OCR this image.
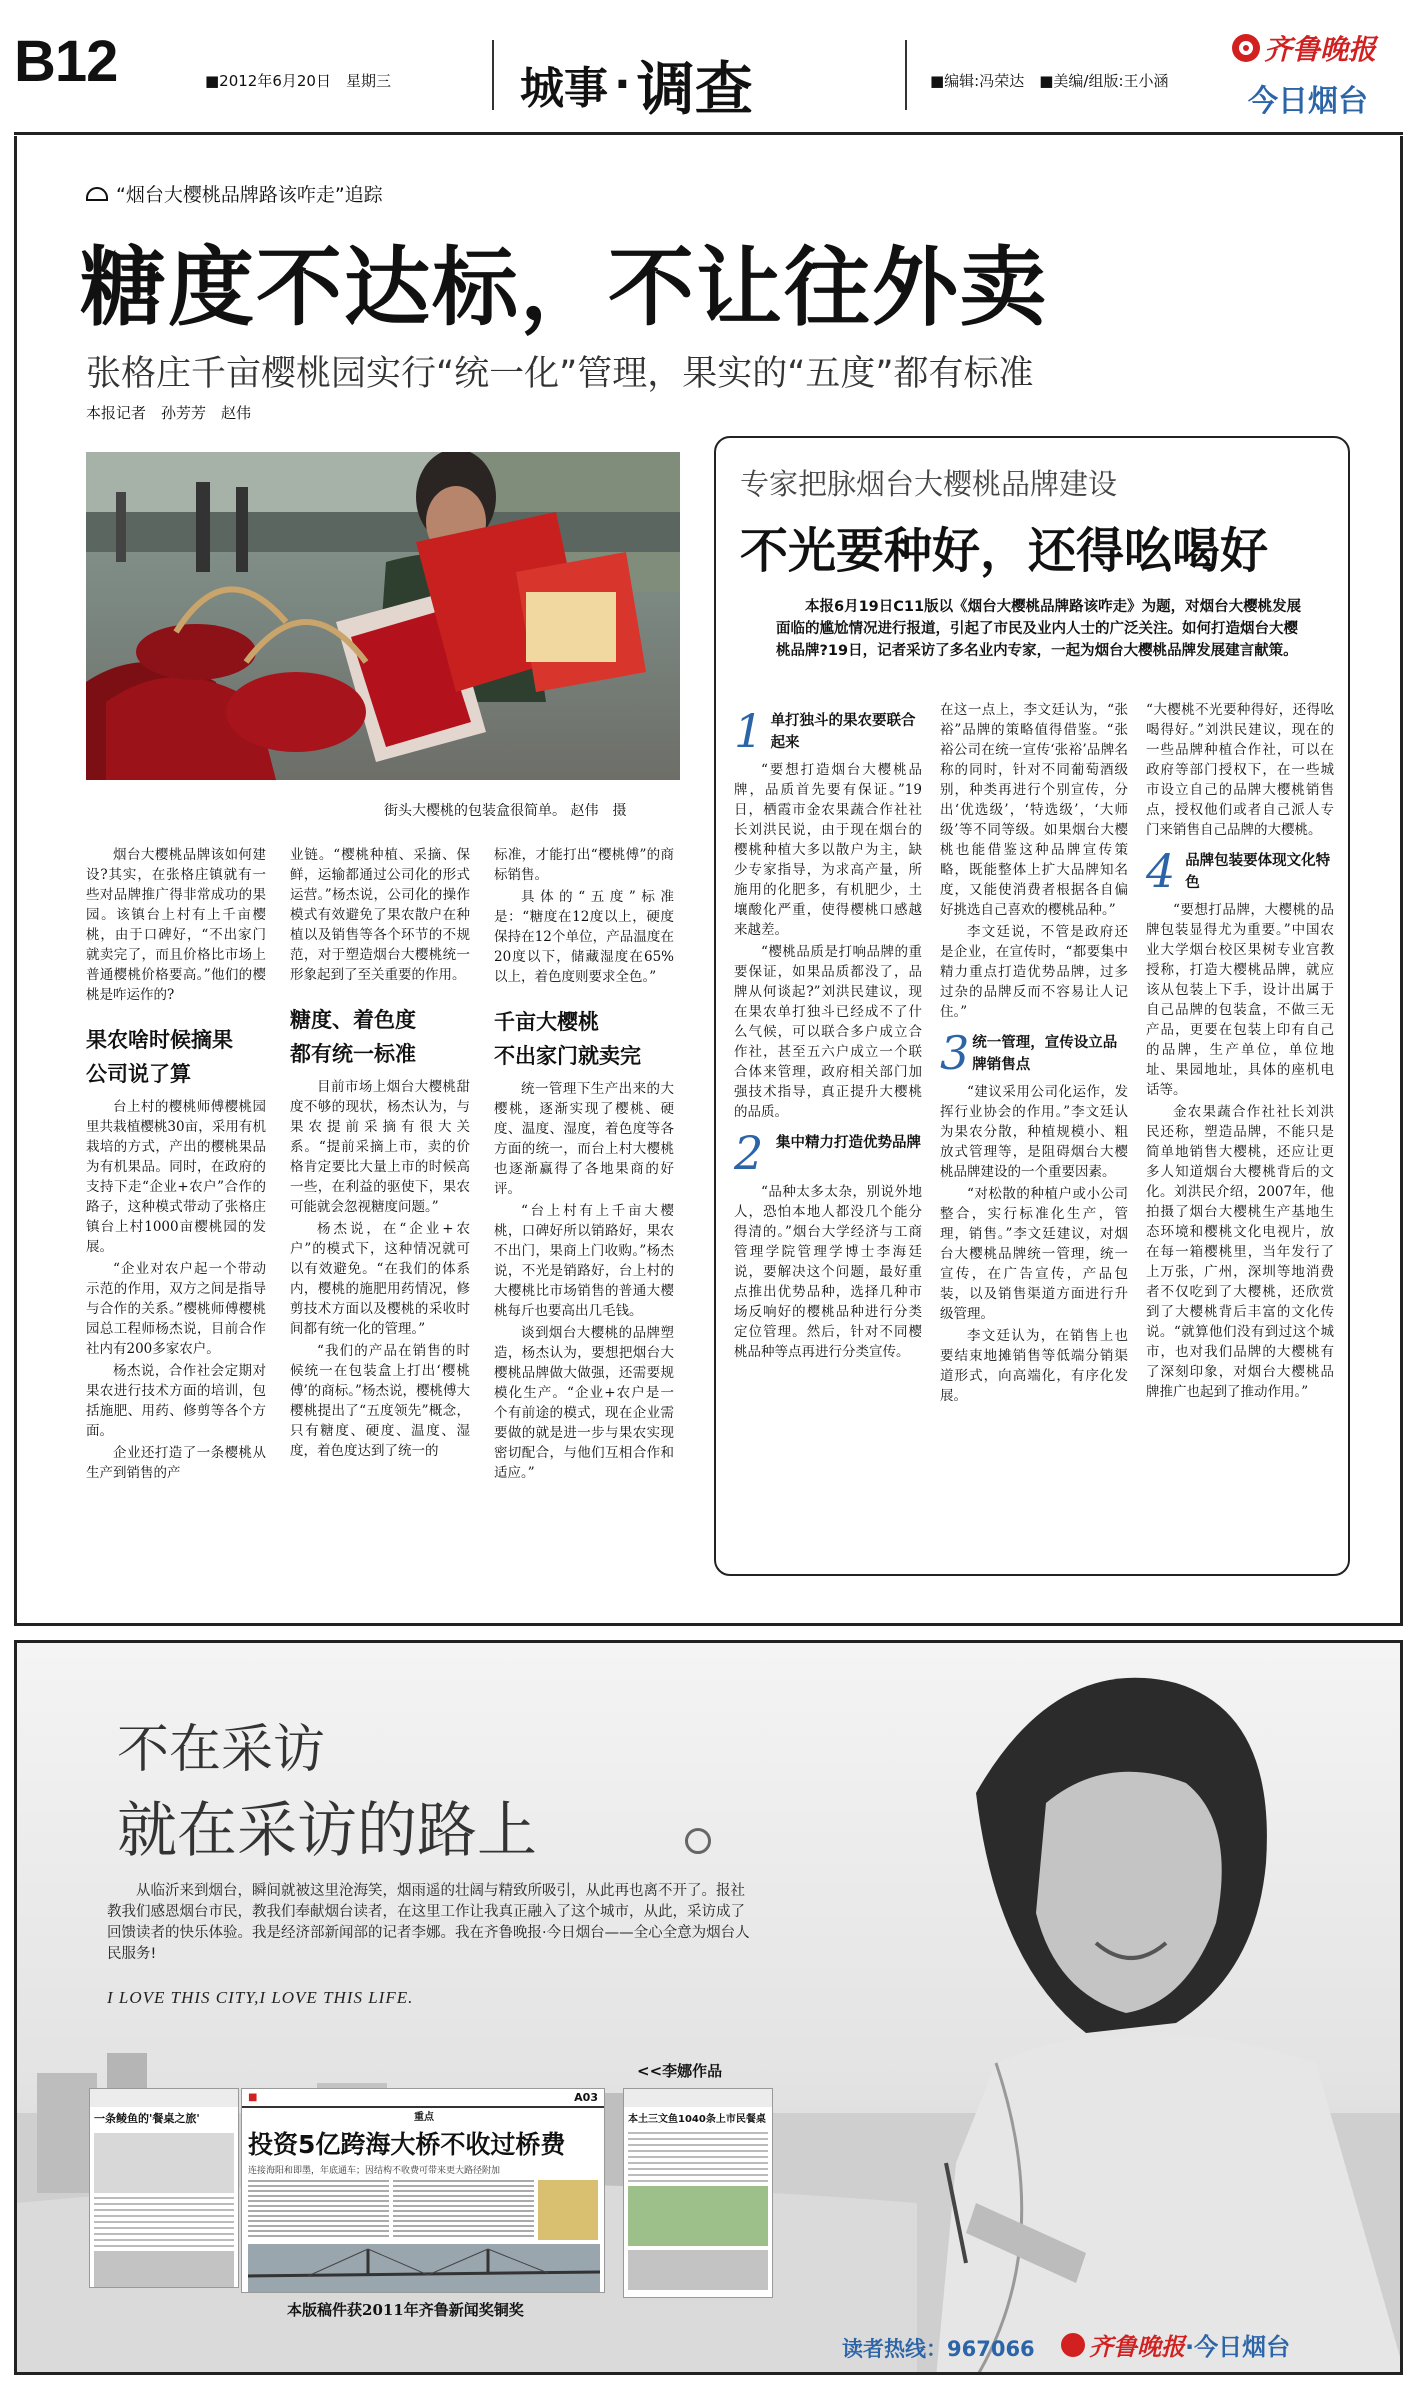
B12	■2012年6月20日　星期三	城事 · 调查	■编辑:冯荣达　■美编/组版:王小涵
齐鲁晚报
今日烟台
“烟台大樱桃品牌路该咋走”追踪
糖度不达标，不让往外卖
张格庄千亩樱桃园实行“统一化”管理，果实的“五度”都有标准
本报记者　孙芳芳　赵伟
街头大樱桃的包装盒很简单。 赵伟　摄

烟台大樱桃品牌该如何建设?其实，在张格庄镇就有一些对品牌推广得非常成功的果园。该镇台上村有上千亩樱桃，由于口碑好，“不出家门就卖完了，而且价格比市场上普通樱桃价格要高。”他们的樱桃是咋运作的?

果农啥时候摘果
公司说了算

台上村的樱桃师傅樱桃园里共栽植樱桃30亩，采用有机栽培的方式，产出的樱桃果品为有机果品。同时，在政府的支持下走“企业+农户”合作的路子，这种模式带动了张格庄镇台上村1000亩樱桃园的发展。

“企业对农户起一个带动示范的作用，双方之间是指导与合作的关系。”樱桃师傅樱桃园总工程师杨杰说，目前合作社内有200多家农户。

杨杰说，合作社会定期对果农进行技术方面的培训，包括施肥、用药、修剪等各个方面。

企业还打造了一条樱桃从生产到销售的产

业链。“樱桃种植、采摘、保鲜，运输都通过公司化的形式运营。”杨杰说，公司化的操作模式有效避免了果农散户在种植以及销售等各个环节的不规范，对于塑造烟台大樱桃统一形象起到了至关重要的作用。

糖度、着色度
都有统一标准

目前市场上烟台大樱桃甜度不够的现状，杨杰认为，与果农提前采摘有很大关系。“提前采摘上市，卖的价格肯定要比大量上市的时候高一些，在利益的驱使下，果农可能就会忽视糖度问题。”

杨杰说，在“企业+农户”的模式下，这种情况就可以有效避免。“在我们的体系内，樱桃的施肥用药情况，修剪技术方面以及樱桃的采收时间都有统一化的管理。”

“我们的产品在销售的时候统一在包装盒上打出‘樱桃傅’的商标。”杨杰说，樱桃傅大樱桃提出了“五度领先”概念，只有糖度、硬度、温度、湿度，着色度达到了统一的

标准，才能打出“樱桃傅”的商标销售。

具体的“五度”标准是：“糖度在12度以上，硬度保持在12个单位，产品温度在20度以下，储藏湿度在65%以上，着色度则要求全色。”

千亩大樱桃
不出家门就卖完

统一管理下生产出来的大樱桃，逐渐实现了樱桃、硬度、温度、湿度，着色度等各方面的统一，而台上村大樱桃也逐渐赢得了各地果商的好评。

“台上村有上千亩大樱桃，口碑好所以销路好，果农不出门，果商上门收购。”杨杰说，不光是销路好，台上村的大樱桃比市场销售的普通大樱桃每斤也要高出几毛钱。

谈到烟台大樱桃的品牌塑造，杨杰认为，要想把烟台大樱桃品牌做大做强，还需要规模化生产。“企业+农户是一个有前途的模式，现在企业需要做的就是进一步与果农实现密切配合，与他们互相合作和适应。”

专家把脉烟台大樱桃品牌建设
不光要种好，还得吆喝好
本报6月19日C11版以《烟台大樱桃品牌路该咋走》为题，对烟台大樱桃发展面临的尴尬情况进行报道，引起了市民及业内人士的广泛关注。如何打造烟台大樱桃品牌?19日，记者采访了多名业内专家，一起为烟台大樱桃品牌发展建言献策。
1 单打独斗的果农要联合起来

“要想打造烟台大樱桃品牌，品质首先要有保证。”19日，栖霞市金农果蔬合作社社长刘洪民说，由于现在烟台的樱桃种植大多以散户为主，缺少专家指导，为求高产量，所施用的化肥多，有机肥少，土壤酸化严重，使得樱桃口感越来越差。

“樱桃品质是打响品牌的重要保证，如果品质都没了，品牌从何谈起?”刘洪民建议，现在果农单打独斗已经成不了什么气候，可以联合多户成立合作社，甚至五六户成立一个联合体来管理，政府相关部门加强技术指导，真正提升大樱桃的品质。

2 集中精力打造优势品牌

“品种太多太杂，别说外地人，恐怕本地人都没几个能分得清的。”烟台大学经济与工商管理学院管理学博士李海廷说，要解决这个问题，最好重点推出优势品种，选择几种市场反响好的樱桃品种进行分类定位管理。然后，针对不同樱桃品种等点再进行分类宣传。

在这一点上，李文廷认为，“张裕”品牌的策略值得借鉴。“张裕公司在统一宣传‘张裕’品牌名称的同时，针对不同葡萄酒级别，种类再进行个别宣传，分出‘优选级’，‘特选级’，‘大师级’等不同等级。如果烟台大樱桃也能借鉴这种品牌宣传策略，既能整体上扩大品牌知名度，又能使消费者根据各自偏好挑选自己喜欢的樱桃品种。”

李文廷说，不管是政府还是企业，在宣传时，“都要集中精力重点打造优势品牌，过多过杂的品牌反而不容易让人记住。”

3 统一管理，宣传设立品牌销售点

“建议采用公司化运作，发挥行业协会的作用。”李文廷认为果农分散，种植规模小、粗放式管理等，是阻碍烟台大樱桃品牌建设的一个重要因素。

“对松散的种植户或小公司整合，实行标准化生产，管理，销售。”李文廷建议，对烟台大樱桃品牌统一管理，统一宣传，在广告宣传，产品包装，以及销售渠道方面进行升级管理。

李文廷认为，在销售上也要结束地摊销售等低端分销渠道形式，向高端化，有序化发展。

“大樱桃不光要种得好，还得吆喝得好。”刘洪民建议，现在的一些品牌种植合作社，可以在政府等部门授权下，在一些城市设立自己的品牌大樱桃销售点，授权他们或者自己派人专门来销售自己品牌的大樱桃。

4 品牌包装要体现文化特色

“要想打品牌，大樱桃的品牌包装显得尤为重要。”中国农业大学烟台校区果树专业宫教授称，打造大樱桃品牌，就应该从包装上下手，设计出属于自己品牌的包装盒，不做三无产品，更要在包装上印有自己的品牌，生产单位，单位地址、果园地址，具体的座机电话等。

金农果蔬合作社社长刘洪民还称，塑造品牌，不能只是简单地销售大樱桃，还应让更多人知道烟台大樱桃背后的文化。刘洪民介绍，2007年，他拍摄了烟台大樱桃生产基地生态环境和樱桃文化电视片，放在每一箱樱桃里，当年发行了上万张，广州，深圳等地消费者不仅吃到了大樱桃，还欣赏到了大樱桃背后丰富的文化传说。“就算他们没有到过这个城市，也对我们品牌的大樱桃有了深刻印象，对烟台大樱桃品牌推广也起到了推动作用。”

不在采访
就在采访的路上
从临沂来到烟台，瞬间就被这里沧海笑，烟雨遥的壮阔与精致所吸引，从此再也离不开了。报社教我们感恩烟台市民，教我们奉献烟台读者，在这里工作让我真正融入了这个城市，从此，采访成了回馈读者的快乐体验。我是经济部新闻部的记者李娜。我在齐鲁晚报·今日烟台——全心全意为烟台人民服务!
I LOVE THIS CITY,I LOVE THIS LIFE.
<<李娜作品
一条鲮鱼的'餐桌之旅'
■	A03
重点
投资5亿跨海大桥不收过桥费
连接海阳和即墨，年底通车；因结构不收费可带来更大路径附加
本版稿件获2011年齐鲁新闻奖铜奖
本土三文鱼1040条上市民餐桌
读者热线： 967066 齐鲁晚报 ·今日烟台
